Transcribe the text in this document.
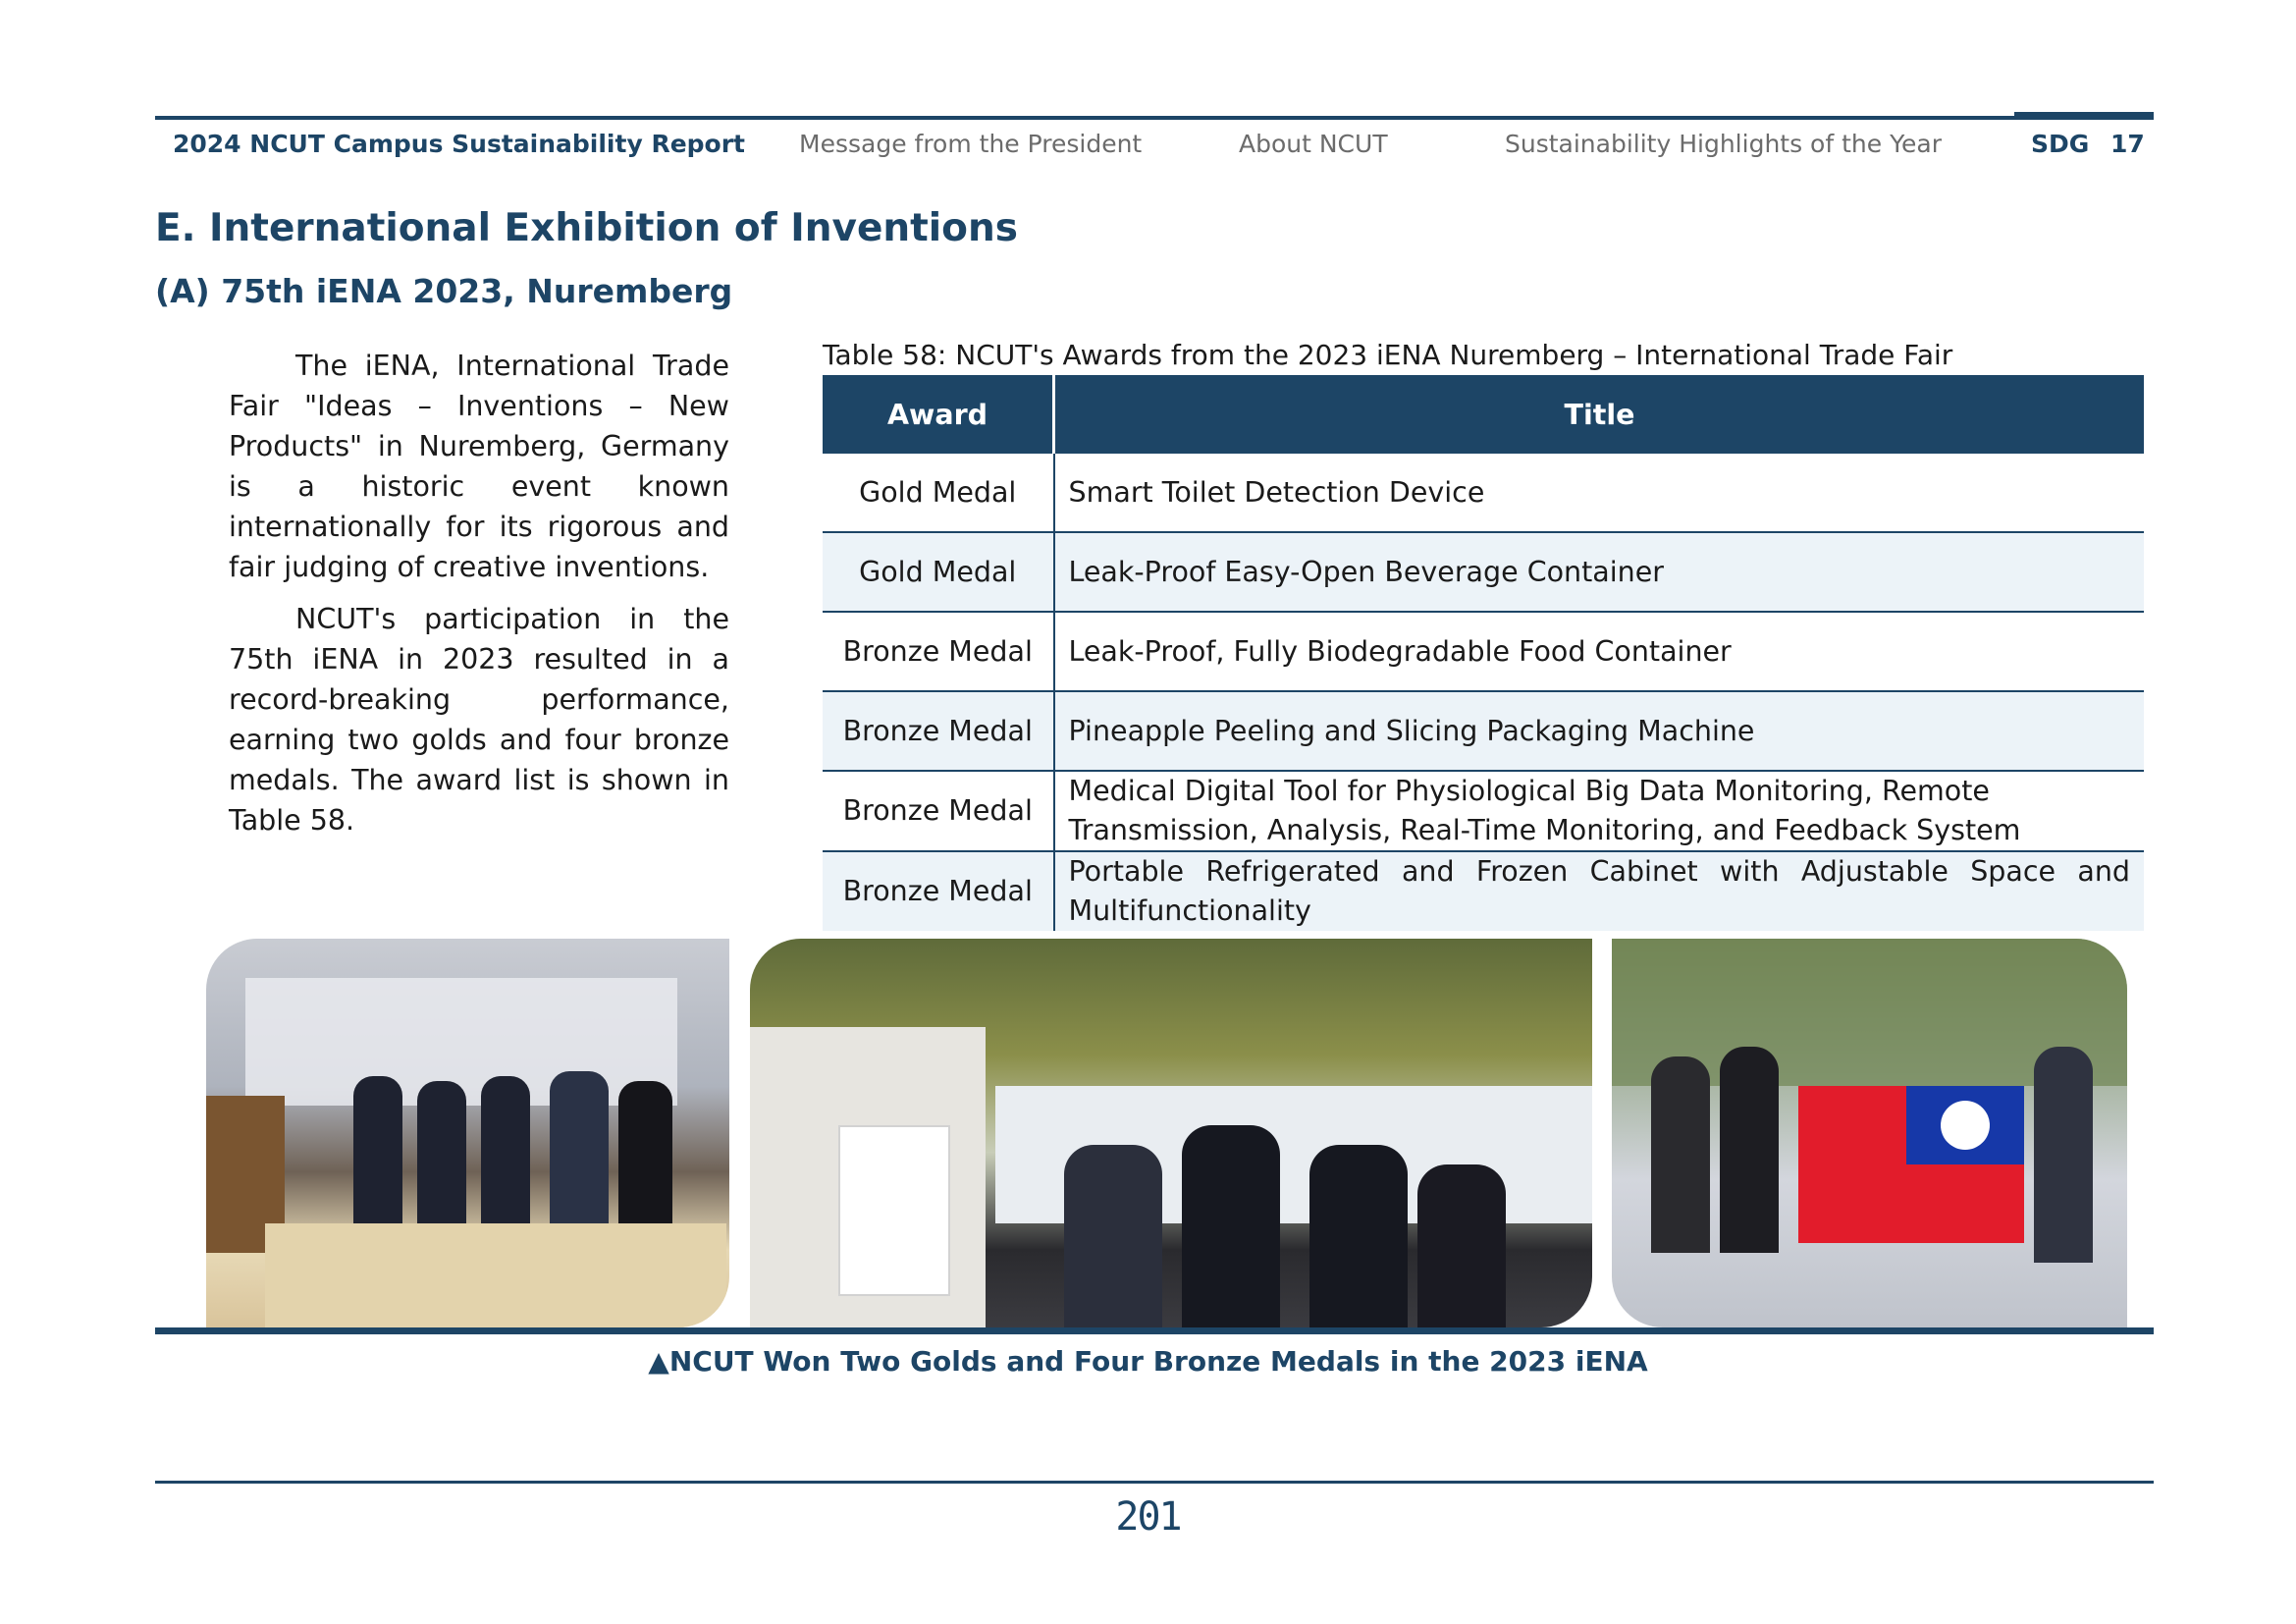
2024 NCUT Campus Sustainability Report Message from the President	About NCUT	Sustainability Highlights of the Year	SDG 17
E. International Exhibition of Inventions
(A) 75th iENA 2023, Nuremberg

The iENA, International Trade Fair "Ideas – Inventions – New Products" in Nuremberg, Germany is a historic event known internationally for its rigorous and fair judging of creative inventions.

NCUT's participation in the 75th iENA in 2023 resulted in a record-breaking performance, earning two golds and four bronze medals. The award list is shown in Table 58.

Table 58: NCUT's Awards from the 2023 iENA Nuremberg – International Trade Fair
Award	Title
Gold Medal	Smart Toilet Detection Device
Gold Medal	Leak-Proof Easy-Open Beverage Container
Bronze Medal	Leak-Proof, Fully Biodegradable Food Container
Bronze Medal	Pineapple Peeling and Slicing Packaging Machine
Bronze Medal	Medical Digital Tool for Physiological Big Data Monitoring, Remote Transmission, Analysis, Real-Time Monitoring, and Feedback System
Bronze Medal	Portable Refrigerated and Frozen Cabinet with Adjustable Space and Multifunctionality
▲NCUT Won Two Golds and Four Bronze Medals in the 2023 iENA
201
